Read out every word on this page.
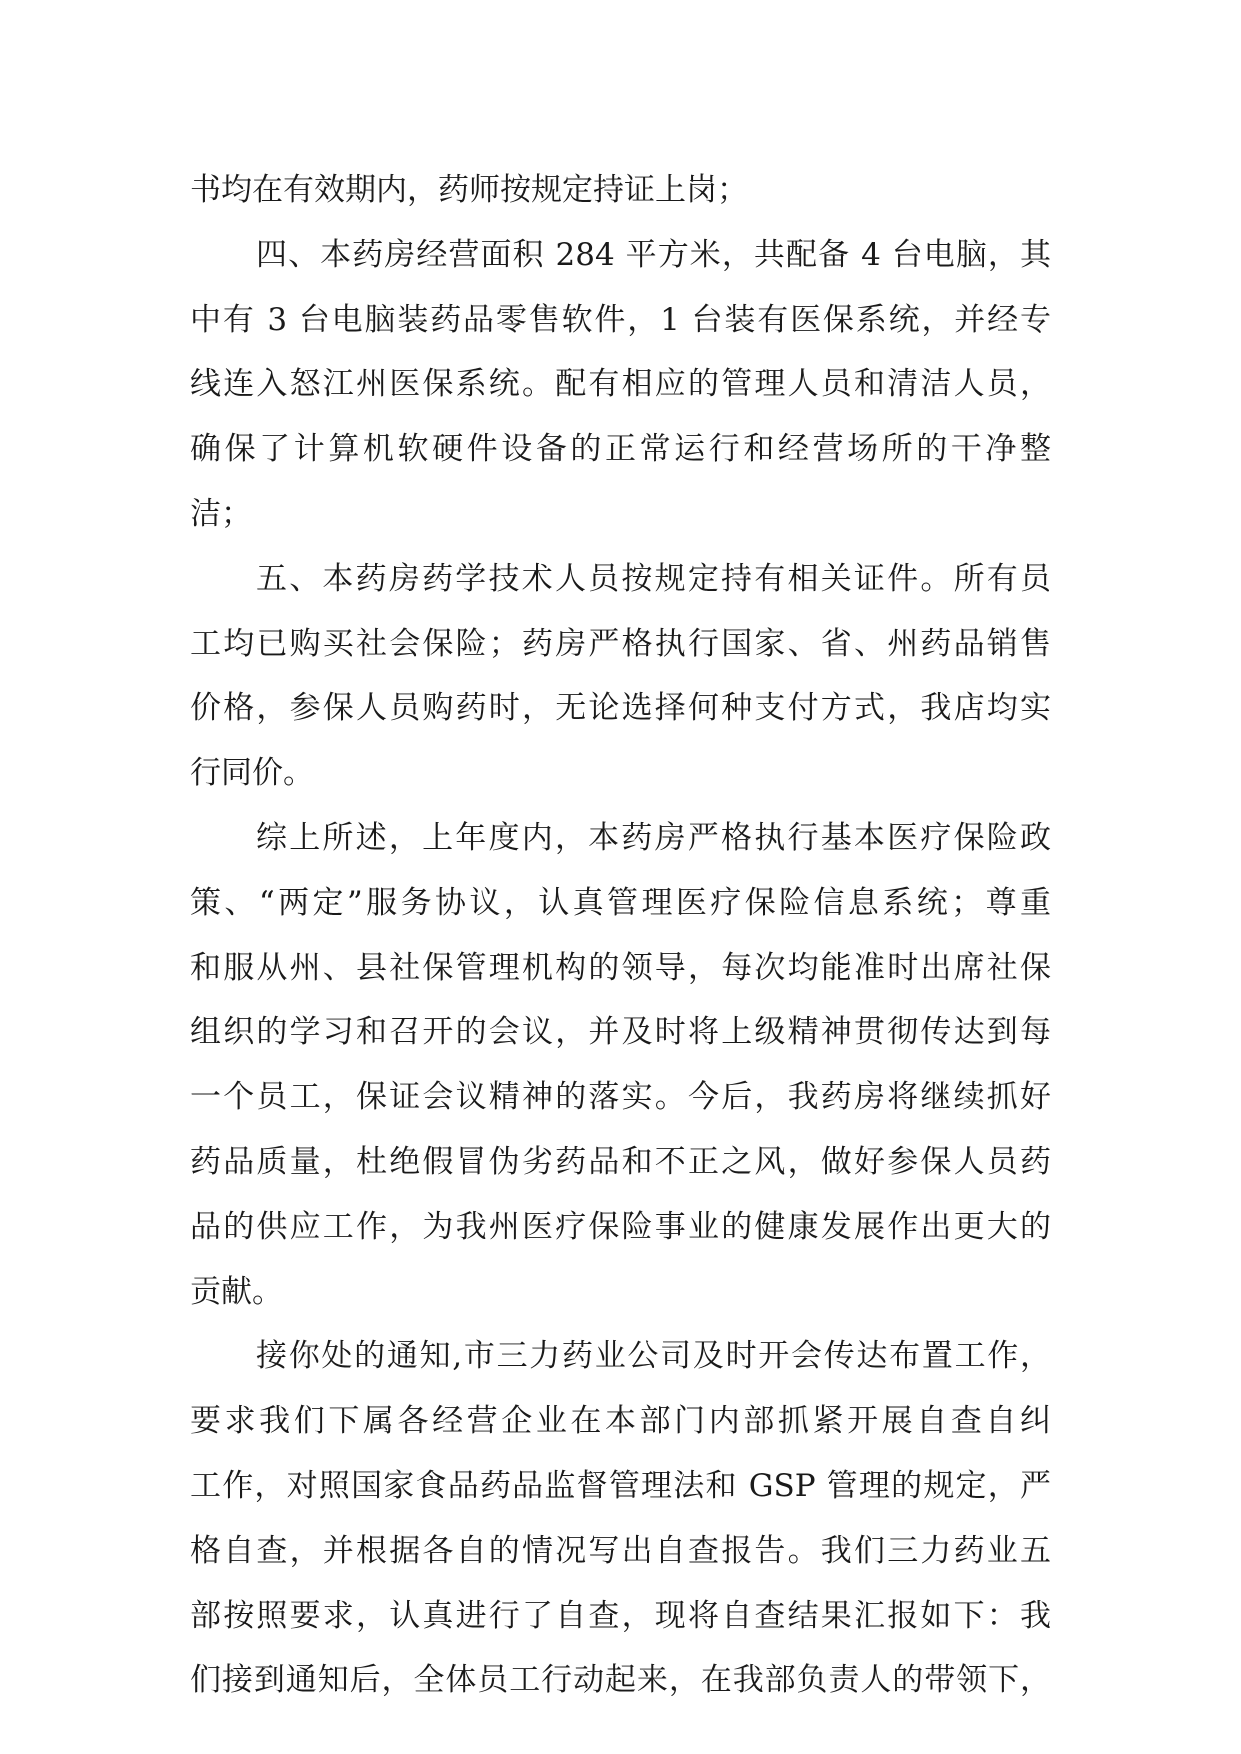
书均在有效期内，药师按规定持证上岗；
四、本药房经营面积 284 平方米，共配备 4 台电脑，其
中有 3 台电脑装药品零售软件，1 台装有医保系统，并经专
线连入怒江州医保系统。配有相应的管理人员和清洁人员，
确保了计算机软硬件设备的正常运行和经营场所的干净整
洁；
五、本药房药学技术人员按规定持有相关证件。所有员
工均已购买社会保险；药房严格执行国家、省、州药品销售
价格，参保人员购药时，无论选择何种支付方式，我店均实
行同价。
综上所述，上年度内，本药房严格执行基本医疗保险政
策、“两定”服务协议，认真管理医疗保险信息系统；尊重
和服从州、县社保管理机构的领导，每次均能准时出席社保
组织的学习和召开的会议，并及时将上级精神贯彻传达到每
一个员工，保证会议精神的落实。今后，我药房将继续抓好
药品质量，杜绝假冒伪劣药品和不正之风，做好参保人员药
品的供应工作，为我州医疗保险事业的健康发展作出更大的
贡献。
接你处的通知,市三力药业公司及时开会传达布置工作，
要求我们下属各经营企业在本部门内部抓紧开展自查自纠
工作，对照国家食品药品监督管理法和 GSP 管理的规定，严
格自查，并根据各自的情况写出自查报告。我们三力药业五
部按照要求，认真进行了自查，现将自查结果汇报如下：我
们接到通知后，全体员工行动起来，在我部负责人的带领下，
